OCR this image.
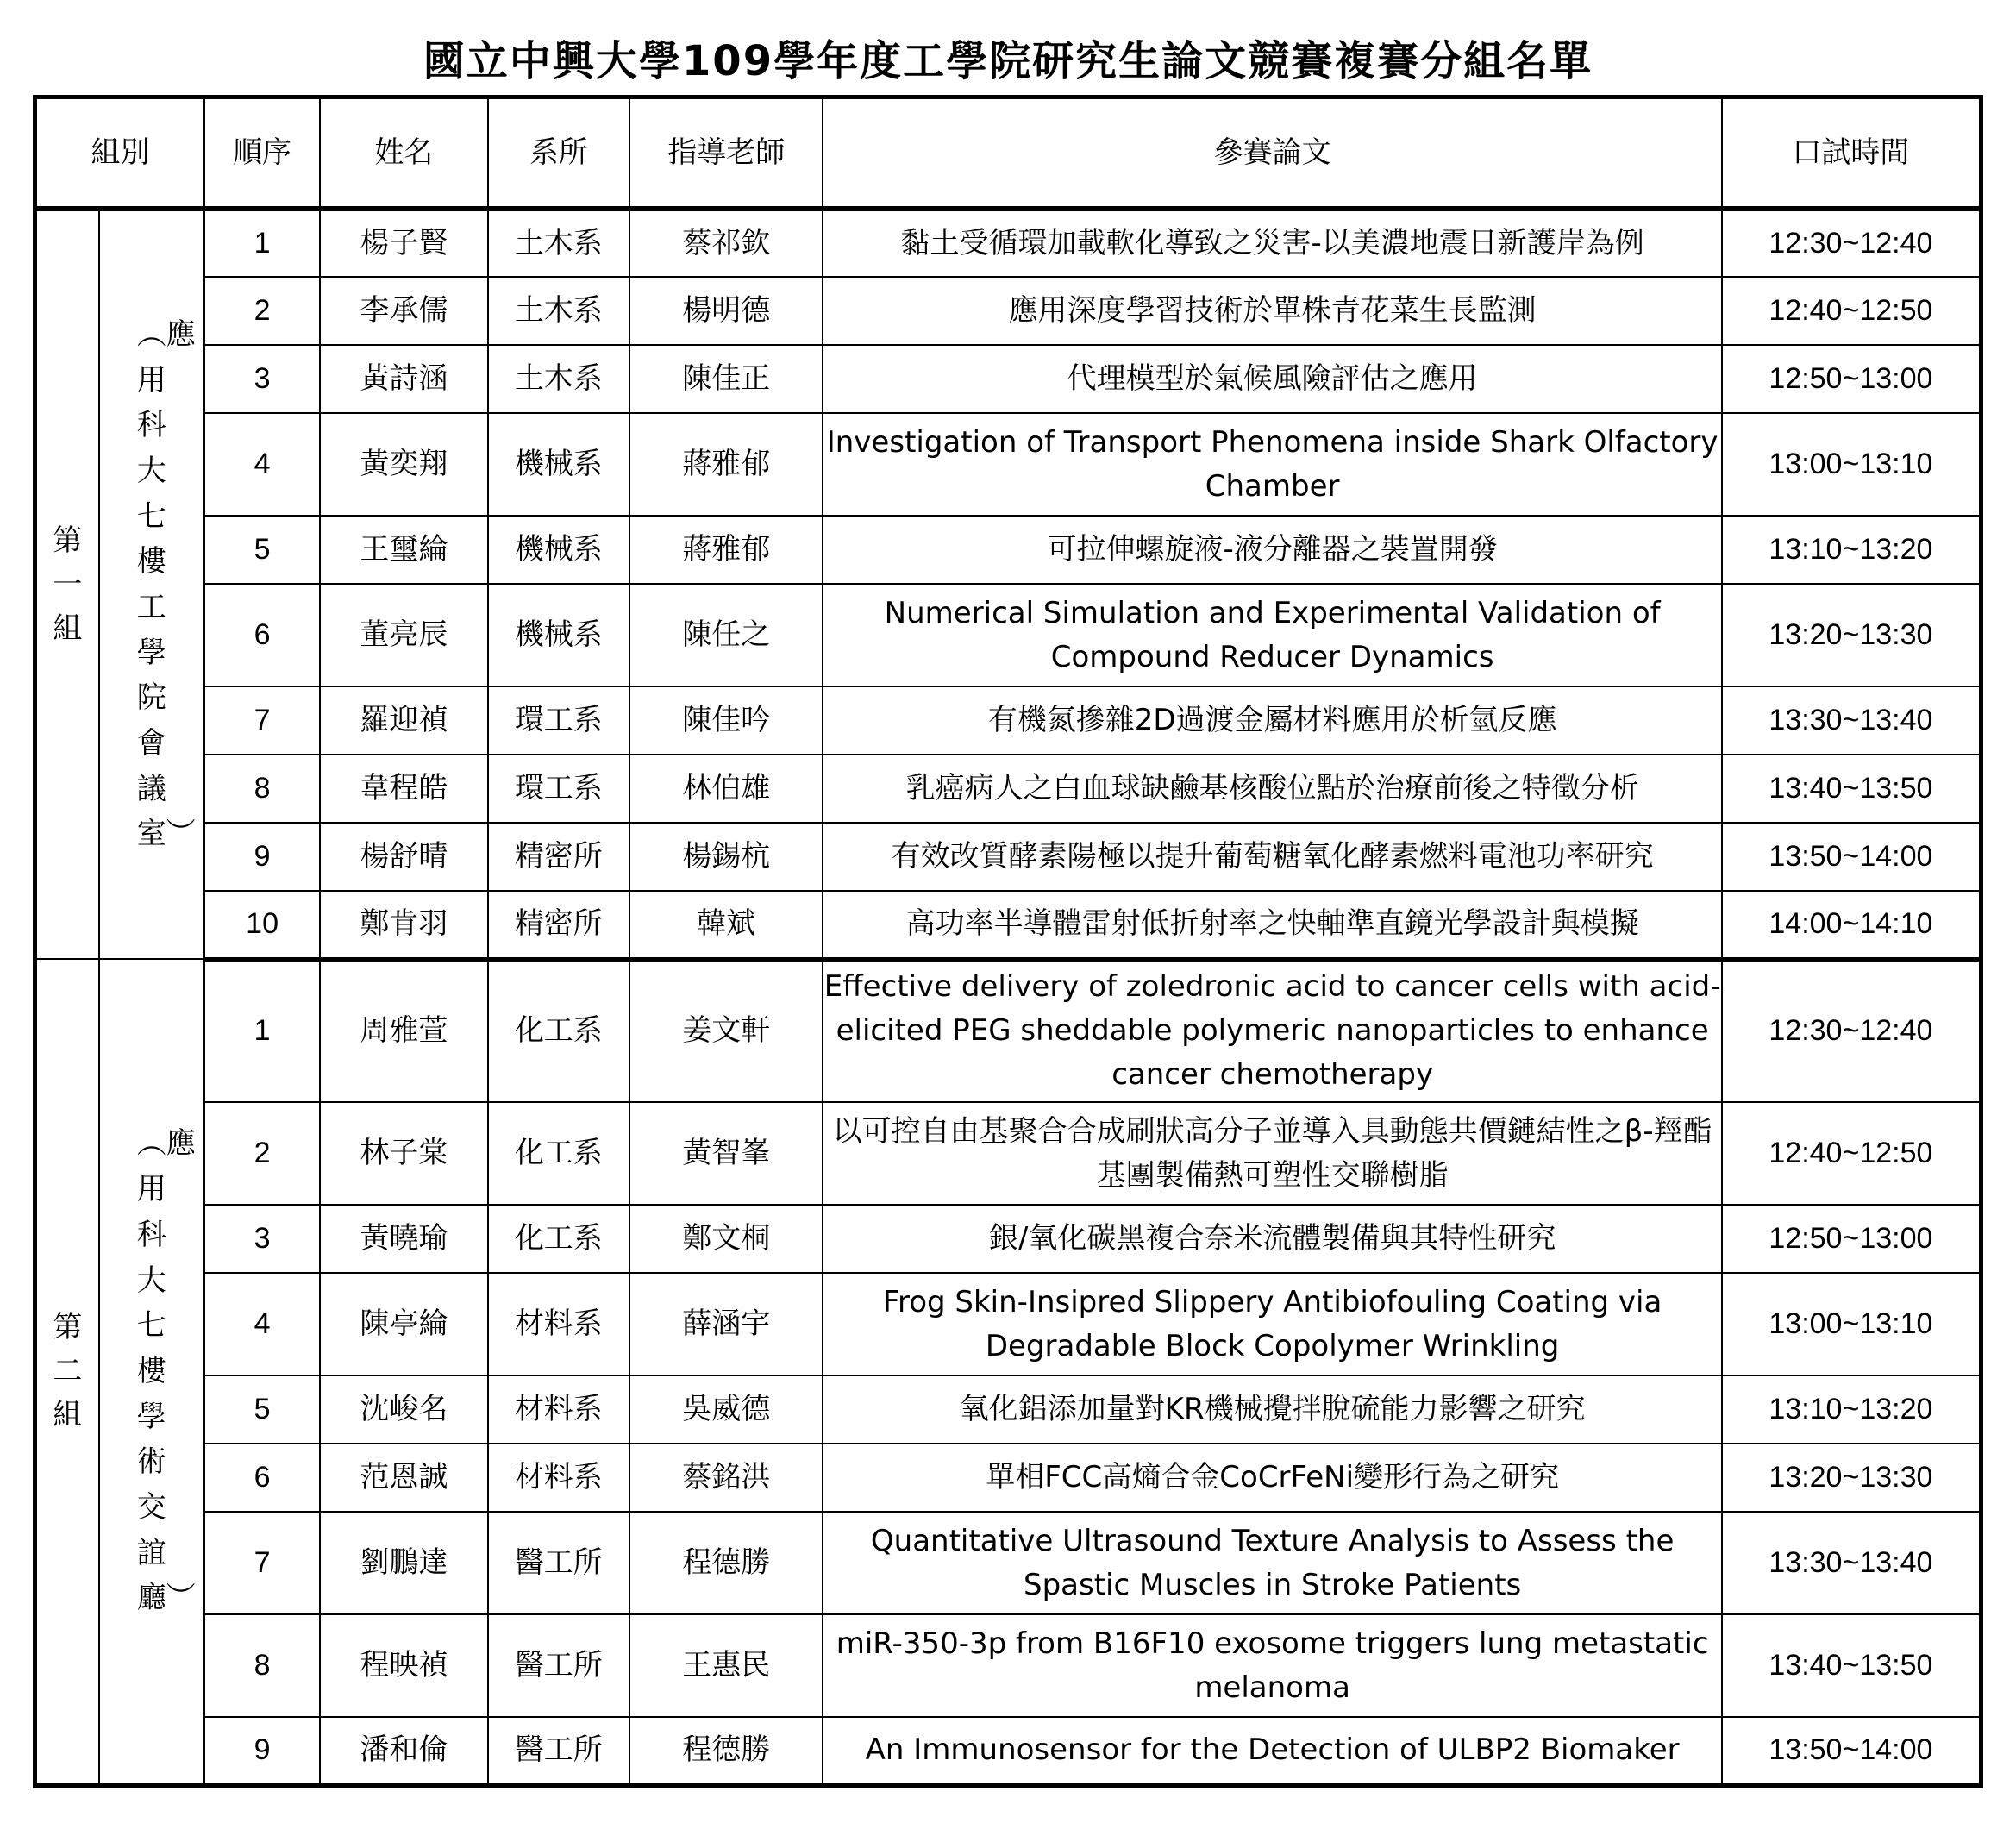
國立中興大學109學年度工學院研究生論文競賽複賽分組名單
組別		順序	姓名	系所	指導老師	參賽論文	口試時間
第一組	︵應用科大七樓工學院會議室︶	1	楊子賢	土木系	蔡祁欽	黏土受循環加載軟化導致之災害-以美濃地震日新護岸為例	12:30~12:40
		2	李承儒	土木系	楊明德	應用深度學習技術於單株青花菜生長監測	12:40~12:50
		3	黃詩涵	土木系	陳佳正	代理模型於氣候風險評估之應用	12:50~13:00
		4	黃奕翔	機械系	蔣雅郁	Investigation of Transport Phenomena inside Shark Olfactory Chamber	13:00~13:10
		5	王璽綸	機械系	蔣雅郁	可拉伸螺旋液-液分離器之裝置開發	13:10~13:20
		6	董亮辰	機械系	陳任之	Numerical Simulation and Experimental Validation of Compound Reducer Dynamics	13:20~13:30
		7	羅迎禎	環工系	陳佳吟	有機氮摻雜2D過渡金屬材料應用於析氫反應	13:30~13:40
		8	韋程皓	環工系	林伯雄	乳癌病人之白血球缺鹼基核酸位點於治療前後之特徵分析	13:40~13:50
		9	楊舒晴	精密所	楊錫杭	有效改質酵素陽極以提升葡萄糖氧化酵素燃料電池功率研究	13:50~14:00
		10	鄭肯羽	精密所	韓斌	高功率半導體雷射低折射率之快軸準直鏡光學設計與模擬	14:00~14:10
第二組	︵應用科大七樓學術交誼廳︶	1	周雅萱	化工系	姜文軒	Effective delivery of zoledronic acid to cancer cells with acid-elicited PEG sheddable polymeric nanoparticles to enhance cancer chemotherapy	12:30~12:40
		2	林子棠	化工系	黃智峯	以可控自由基聚合合成刷狀高分子並導入具動態共價鏈結性之β-羥酯基團製備熱可塑性交聯樹脂	12:40~12:50
		3	黃曉瑜	化工系	鄭文桐	銀/氧化碳黑複合奈米流體製備與其特性研究	12:50~13:00
		4	陳亭綸	材料系	薛涵宇	Frog Skin-Insipred Slippery Antibiofouling Coating via Degradable Block Copolymer Wrinkling	13:00~13:10
		5	沈峻名	材料系	吳威德	氧化鋁添加量對KR機械攪拌脫硫能力影響之研究	13:10~13:20
		6	范恩誠	材料系	蔡銘洪	單相FCC高熵合金CoCrFeNi變形行為之研究	13:20~13:30
		7	劉鵬達	醫工所	程德勝	Quantitative Ultrasound Texture Analysis to Assess the Spastic Muscles in Stroke Patients	13:30~13:40
		8	程映禎	醫工所	王惠民	miR-350-3p from B16F10 exosome triggers lung metastatic melanoma	13:40~13:50
		9	潘和倫	醫工所	程德勝	An Immunosensor for the Detection of ULBP2 Biomaker	13:50~14:00
